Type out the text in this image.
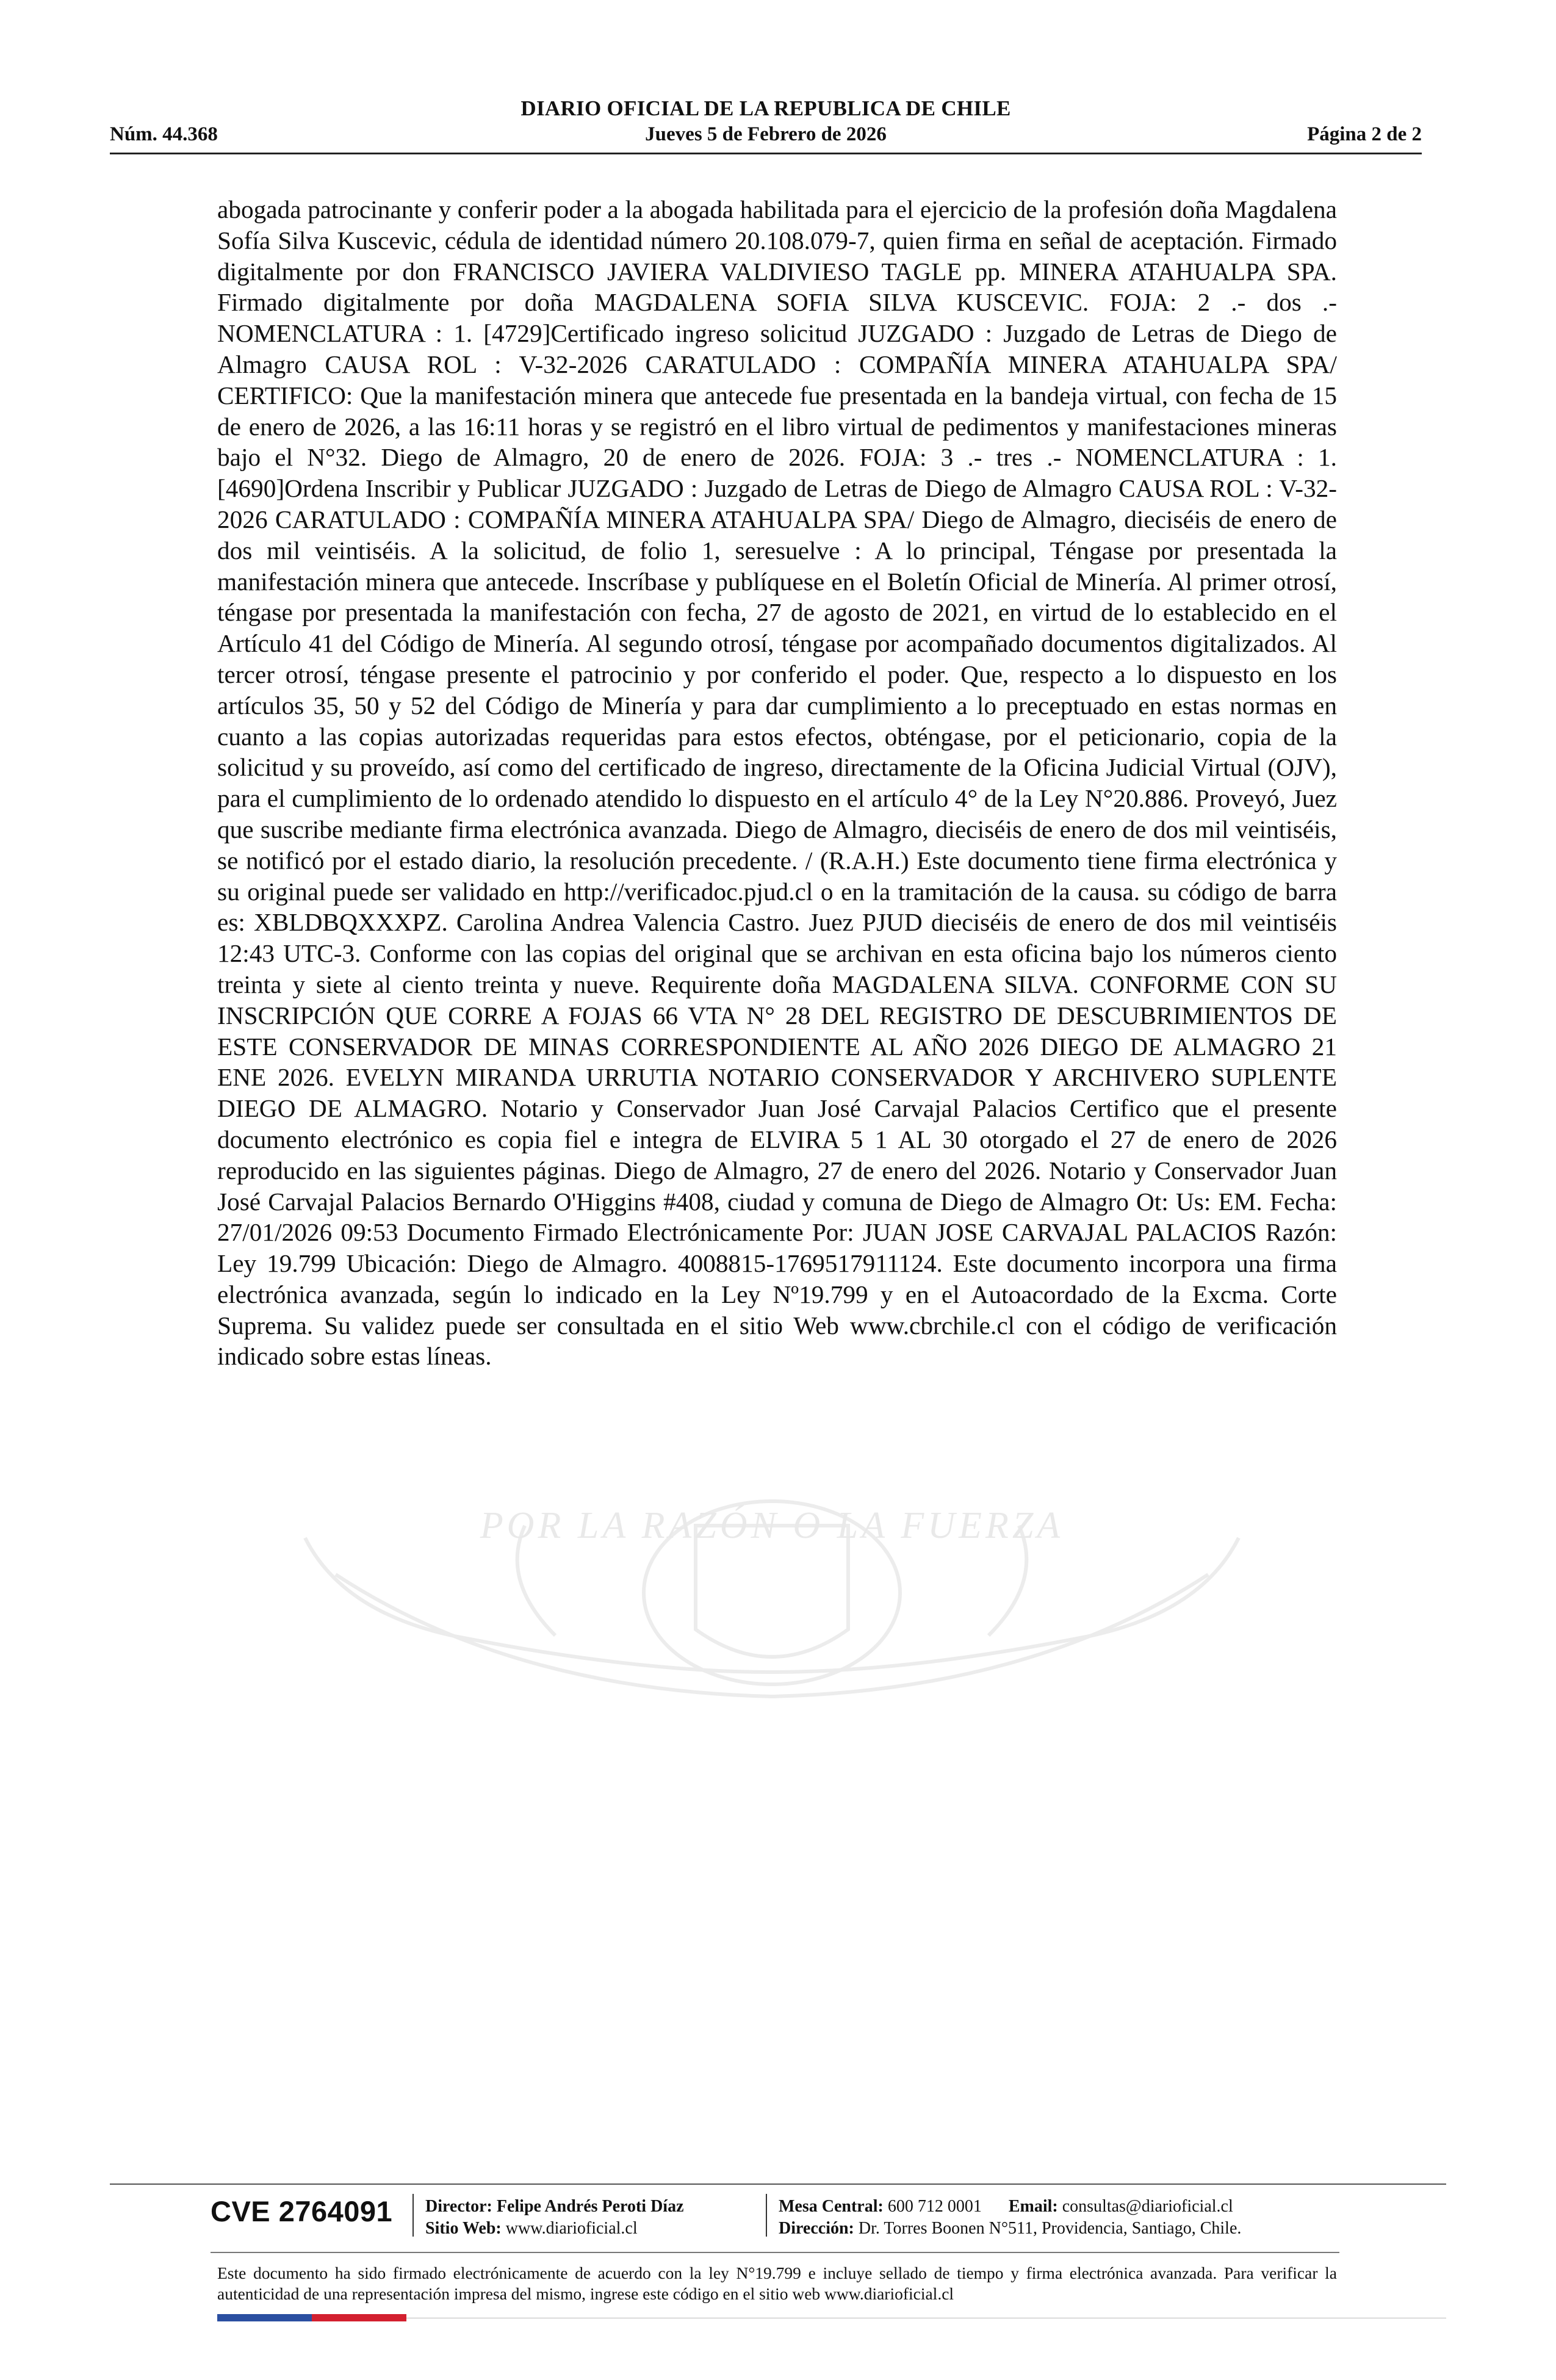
DIARIO OFICIAL DE LA REPUBLICA DE CHILE
Núm. 44.368	Jueves 5 de Febrero de 2026	Página 2 de 2
POR LA RAZÓN O LA FUERZA
abogada patrocinante y conferir poder a la abogada habilitada para el ejercicio de la profesión doña Magdalena Sofía Silva Kuscevic, cédula de identidad número 20.108.079-7, quien firma en señal de aceptación. Firmado digitalmente por don FRANCISCO JAVIERA VALDIVIESO TAGLE pp. MINERA ATAHUALPA SPA. Firmado digitalmente por doña MAGDALENA SOFIA SILVA KUSCEVIC. FOJA: 2 .- dos .- NOMENCLATURA : 1. [4729]Certificado ingreso solicitud JUZGADO : Juzgado de Letras de Diego de Almagro CAUSA ROL : V-32-2026 CARATULADO : COMPAÑÍA MINERA ATAHUALPA SPA/ CERTIFICO: Que la manifestación minera que antecede fue presentada en la bandeja virtual, con fecha de 15 de enero de 2026, a las 16:11 horas y se registró en el libro virtual de pedimentos y manifestaciones mineras bajo el N°32. Diego de Almagro, 20 de enero de 2026. FOJA: 3 .- tres .- NOMENCLATURA : 1. [4690]Ordena Inscribir y Publicar JUZGADO : Juzgado de Letras de Diego de Almagro CAUSA ROL : V-32-2026 CARATULADO : COMPAÑÍA MINERA ATAHUALPA SPA/ Diego de Almagro, dieciséis de enero de dos mil veintiséis. A la solicitud, de folio 1, seresuelve : A lo principal, Téngase por presentada la manifestación minera que antecede. Inscríbase y publíquese en el Boletín Oficial de Minería. Al primer otrosí, téngase por presentada la manifestación con fecha, 27 de agosto de 2021, en virtud de lo establecido en el Artículo 41 del Código de Minería. Al segundo otrosí, téngase por acompañado documentos digitalizados. Al tercer otrosí, téngase presente el patrocinio y por conferido el poder. Que, respecto a lo dispuesto en los artículos 35, 50 y 52 del Código de Minería y para dar cumplimiento a lo preceptuado en estas normas en cuanto a las copias autorizadas requeridas para estos efectos, obténgase, por el peticionario, copia de la solicitud y su proveído, así como del certificado de ingreso, directamente de la Oficina Judicial Virtual (OJV), para el cumplimiento de lo ordenado atendido lo dispuesto en el artículo 4° de la Ley N°20.886. Proveyó, Juez que suscribe mediante firma electrónica avanzada. Diego de Almagro, dieciséis de enero de dos mil veintiséis, se notificó por el estado diario, la resolución precedente. / (R.A.H.) Este documento tiene firma electrónica y su original puede ser validado en http://verificadoc.pjud.cl o en la tramitación de la causa. su código de barra es: XBLDBQXXXPZ. Carolina Andrea Valencia Castro. Juez PJUD dieciséis de enero de dos mil veintiséis 12:43 UTC-3. Conforme con las copias del original que se archivan en esta oficina bajo los números ciento treinta y siete al ciento treinta y nueve. Requirente doña MAGDALENA SILVA. CONFORME CON SU INSCRIPCIÓN QUE CORRE A FOJAS 66 VTA N° 28 DEL REGISTRO DE DESCUBRIMIENTOS DE ESTE CONSERVADOR DE MINAS CORRESPONDIENTE AL AÑO 2026 DIEGO DE ALMAGRO 21 ENE 2026. EVELYN MIRANDA URRUTIA NOTARIO CONSERVADOR Y ARCHIVERO SUPLENTE DIEGO DE ALMAGRO. Notario y Conservador Juan José Carvajal Palacios Certifico que el presente documento electrónico es copia fiel e integra de ELVIRA 5 1 AL 30 otorgado el 27 de enero de 2026 reproducido en las siguientes páginas. Diego de Almagro, 27 de enero del 2026. Notario y Conservador Juan José Carvajal Palacios Bernardo O'Higgins #408, ciudad y comuna de Diego de Almagro Ot: Us: EM. Fecha: 27/01/2026 09:53 Documento Firmado Electrónicamente Por: JUAN JOSE CARVAJAL PALACIOS Razón: Ley 19.799 Ubicación: Diego de Almagro. 4008815-1769517911124. Este documento incorpora una firma electrónica avanzada, según lo indicado en la Ley Nº19.799 y en el Autoacordado de la Excma. Corte Suprema. Su validez puede ser consultada en el sitio Web www.cbrchile.cl con el código de verificación indicado sobre estas líneas.
CVE 2764091 Director: Felipe Andrés Peroti Díaz
Sitio Web: www.diarioficial.cl
Mesa Central: 600 712 0001 Email: consultas@diarioficial.cl
Dirección: Dr. Torres Boonen N°511, Providencia, Santiago, Chile.
Este documento ha sido firmado electrónicamente de acuerdo con la ley N°19.799 e incluye sellado de tiempo y firma electrónica avanzada. Para verificar la autenticidad de una representación impresa del mismo, ingrese este código en el sitio web www.diarioficial.cl
